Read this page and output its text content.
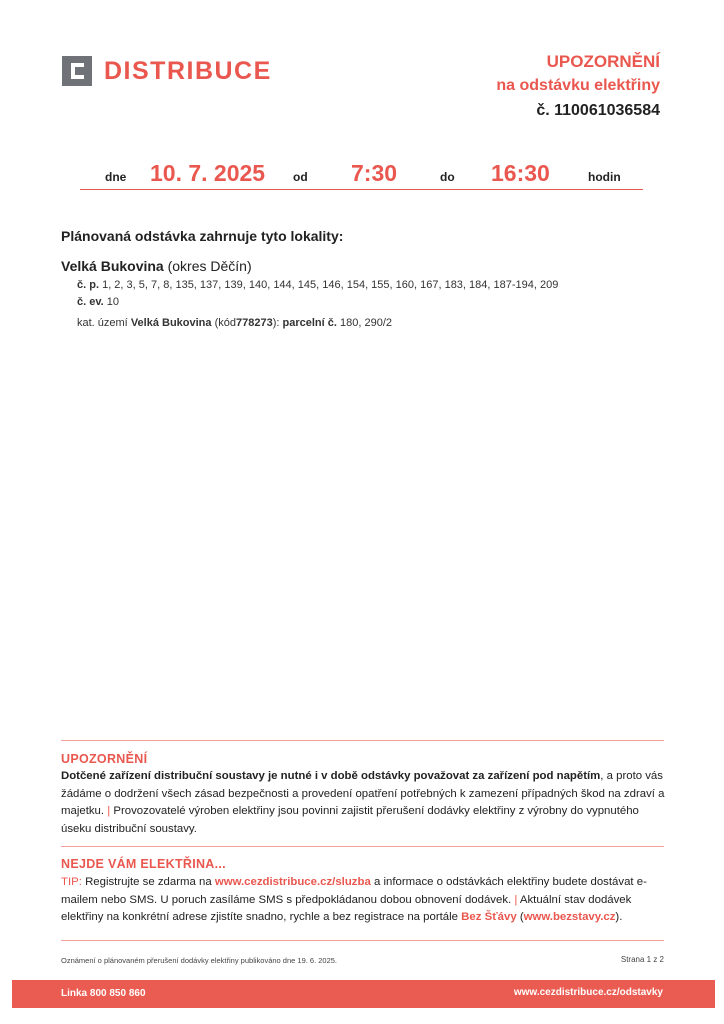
DISTRIBUCE	UPOZORNĚNÍ
na odstávku elektřiny
č. 110061036584
dne 10. 7. 2025 od 7:30	do 16:30	hodin
Plánovaná odstávka zahrnuje tyto lokality:
Velká Bukovina (okres Děčín)
č. p. 1, 2, 3, 5, 7, 8, 135, 137, 139, 140, 144, 145, 146, 154, 155, 160, 167, 183, 184, 187-194, 209
č. ev. 10
kat. území Velká Bukovina (kód778273): parcelní č. 180, 290/2
UPOZORNĚNÍ
Dotčené zařízení distribuční soustavy je nutné i v době odstávky považovat za zařízení pod napětím, a proto vás žádáme o dodržení všech zásad bezpečnosti a provedení opatření potřebných k zamezení případných škod na zdraví a majetku. | Provozovatelé výroben elektřiny jsou povinni zajistit přerušení dodávky elektřiny z výrobny do vypnutého úseku distribuční soustavy.
NEJDE VÁM ELEKTŘINA...
TIP: Registrujte se zdarma na www.cezdistribuce.cz/sluzba a informace o odstávkách elektřiny budete dostávat e-mailem nebo SMS. U poruch zasíláme SMS s předpokládanou dobou obnovení dodávek. | Aktuální stav dodávek elektřiny na konkrétní adrese zjistíte snadno, rychle a bez registrace na portále Bez Šťávy (www.bezstavy.cz).
Oznámení o plánovaném přerušení dodávky elektřiny publikováno dne 19. 6. 2025.	Strana 1 z 2
Linka 800 850 860	www.cezdistribuce.cz/odstavky
